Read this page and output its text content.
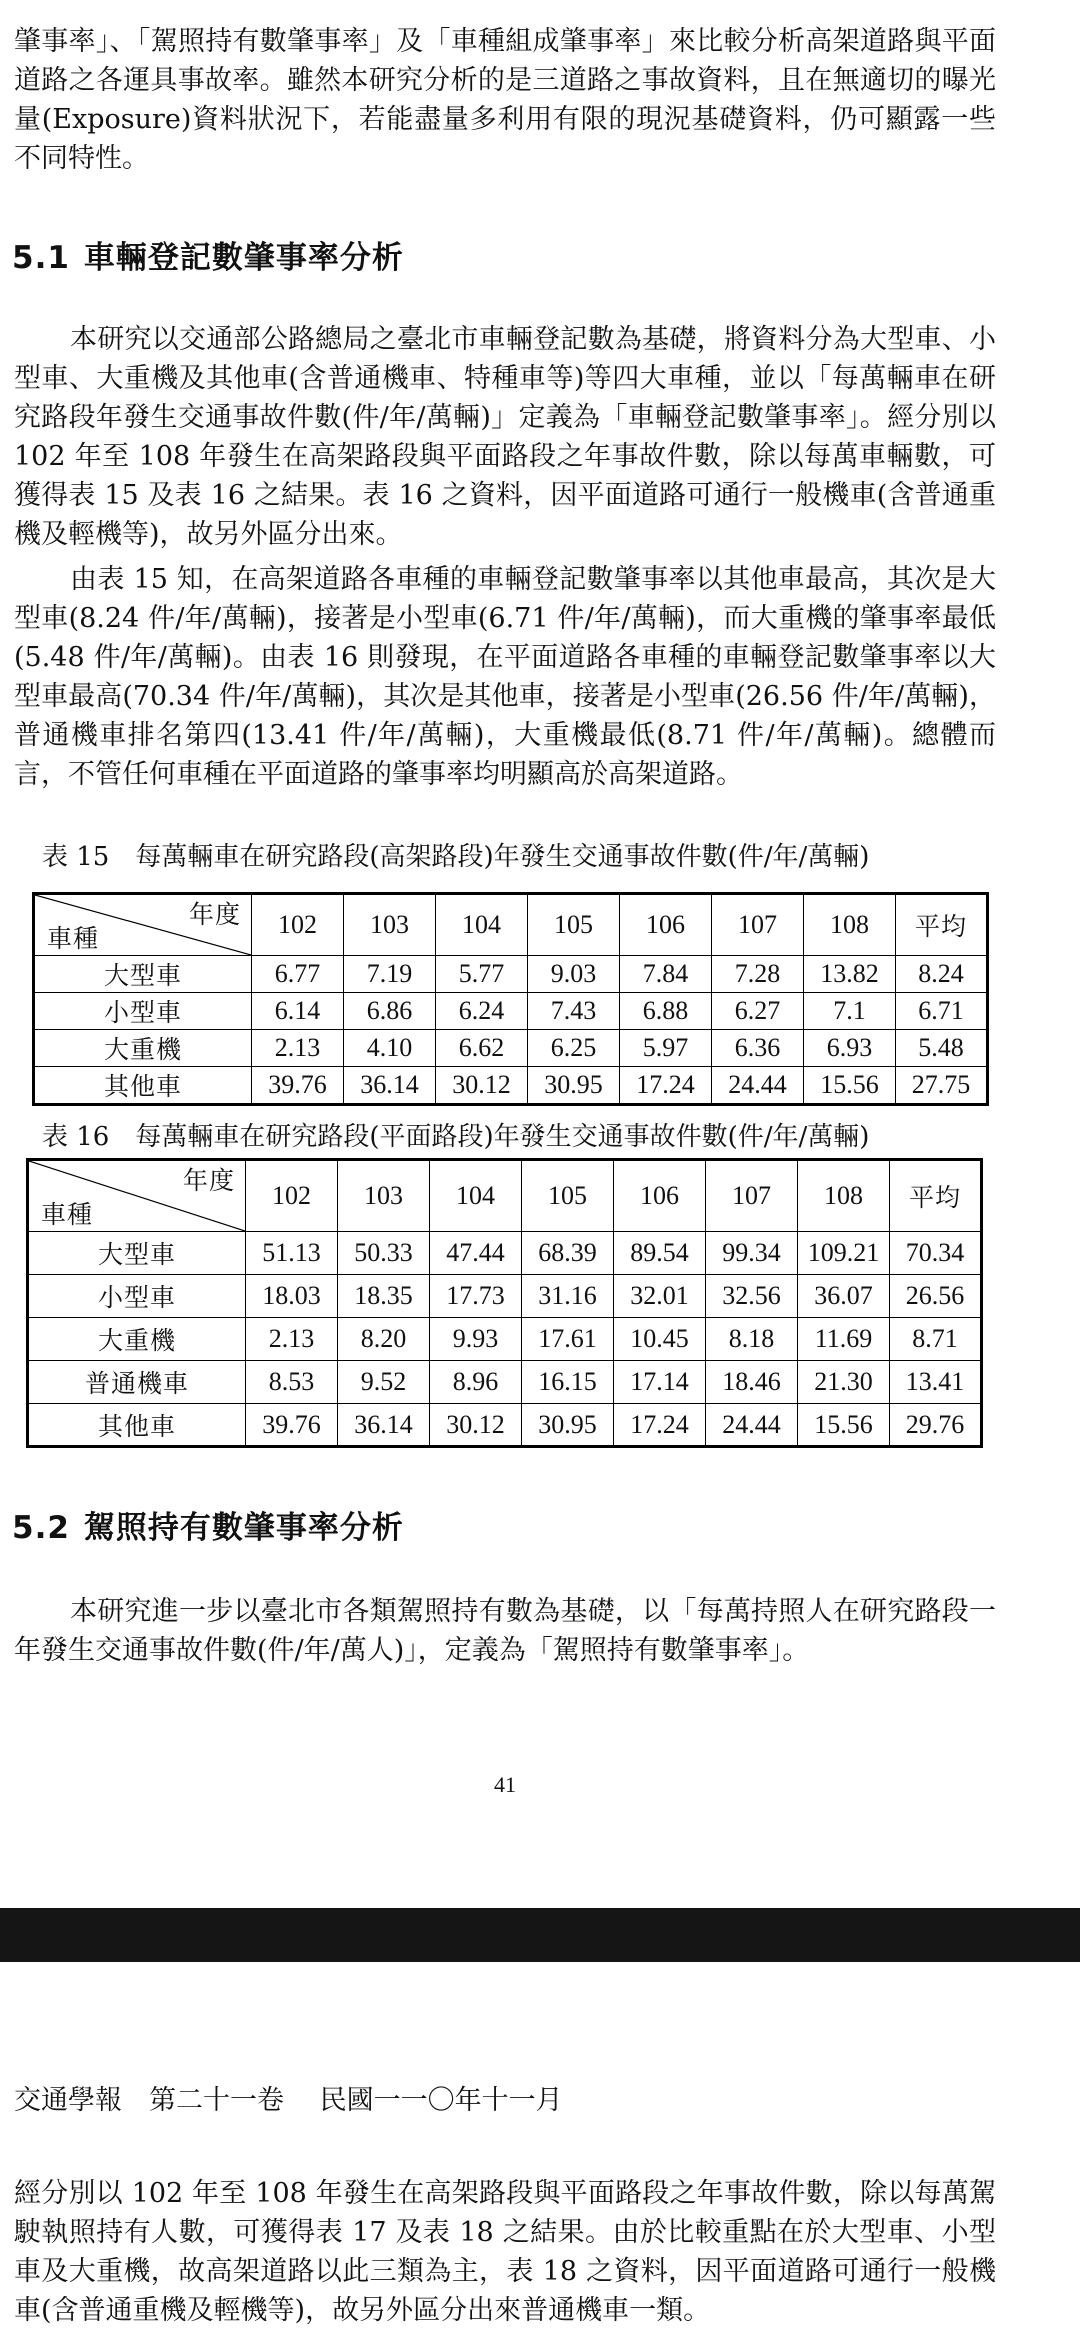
肇事率」、「駕照持有數肇事率」及「車種組成肇事率」來比較分析高架道路與平面道路之各運具事故率。雖然本研究分析的是三道路之事故資料，且在無適切的曝光量(Exposure)資料狀況下，若能盡量多利用有限的現況基礎資料，仍可顯露一些不同特性。

5.1 車輛登記數肇事率分析

本研究以交通部公路總局之臺北市車輛登記數為基礎，將資料分為大型車、小型車、大重機及其他車(含普通機車、特種車等)等四大車種，並以「每萬輛車在研究路段年發生交通事故件數(件/年/萬輛)」定義為「車輛登記數肇事率」。經分別以 102 年至 108 年發生在高架路段與平面路段之年事故件數，除以每萬車輛數，可獲得表 15 及表 16 之結果。表 16 之資料，因平面道路可通行一般機車(含普通重機及輕機等)，故另外區分出來。

由表 15 知，在高架道路各車種的車輛登記數肇事率以其他車最高，其次是大型車(8.24 件/年/萬輛)，接著是小型車(6.71 件/年/萬輛)，而大重機的肇事率最低(5.48 件/年/萬輛)。由表 16 則發現，在平面道路各車種的車輛登記數肇事率以大型車最高(70.34 件/年/萬輛)，其次是其他車，接著是小型車(26.56 件/年/萬輛)，普通機車排名第四(13.41 件/年/萬輛)，大重機最低(8.71 件/年/萬輛)。總體而言，不管任何車種在平面道路的肇事率均明顯高於高架道路。

表 15　每萬輛車在研究路段(高架路段)年發生交通事故件數(件/年/萬輛)
年度
車種	102	103	104	105	106	107	108	平均
大型車	6.77	7.19	5.77	9.03	7.84	7.28	13.82	8.24
小型車	6.14	6.86	6.24	7.43	6.88	6.27	7.1	6.71
大重機	2.13	4.10	6.62	6.25	5.97	6.36	6.93	5.48
其他車	39.76	36.14	30.12	30.95	17.24	24.44	15.56	27.75
表 16　每萬輛車在研究路段(平面路段)年發生交通事故件數(件/年/萬輛)
年度
車種	102	103	104	105	106	107	108	平均
大型車	51.13	50.33	47.44	68.39	89.54	99.34	109.21	70.34
小型車	18.03	18.35	17.73	31.16	32.01	32.56	36.07	26.56
大重機	2.13	8.20	9.93	17.61	10.45	8.18	11.69	8.71
普通機車	8.53	9.52	8.96	16.15	17.14	18.46	21.30	13.41
其他車	39.76	36.14	30.12	30.95	17.24	24.44	15.56	29.76
5.2 駕照持有數肇事率分析

本研究進一步以臺北市各類駕照持有數為基礎，以「每萬持照人在研究路段一年發生交通事故件數(件/年/萬人)」，定義為「駕照持有數肇事率」。

41
交通學報　第二十一卷　 民國一一〇年十一月

經分別以 102 年至 108 年發生在高架路段與平面路段之年事故件數，除以每萬駕駛執照持有人數，可獲得表 17 及表 18 之結果。由於比較重點在於大型車、小型車及大重機，故高架道路以此三類為主，表 18 之資料，因平面道路可通行一般機車(含普通重機及輕機等)，故另外區分出來普通機車一類。
